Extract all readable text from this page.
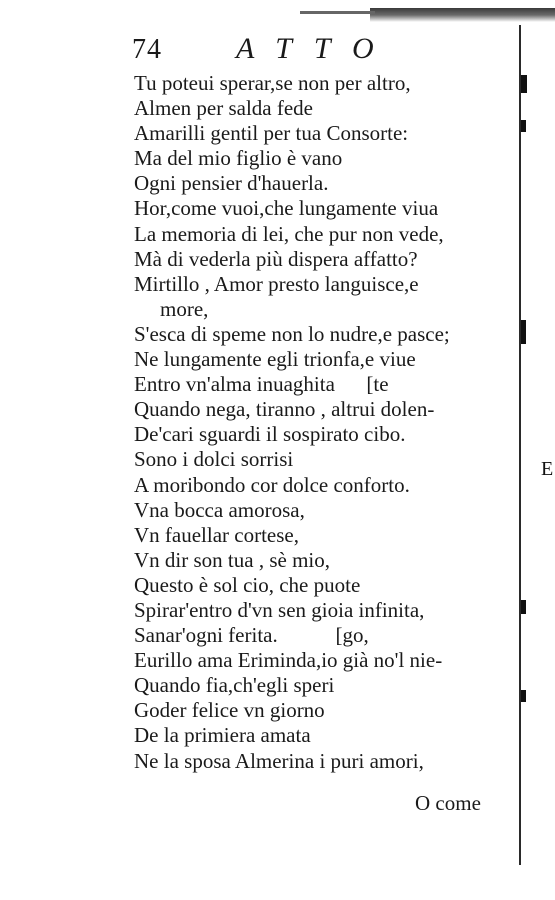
E
74 ATTO
Tu poteui sperar,se non per altro,
Almen per salda fede
Amarilli gentil per tua Consorte:
Ma del mio figlio è vano
Ogni pensier d'hauerla.
Hor,come vuoi,che lungamente viua
La memoria di lei, che pur non vede,
Mà di vederla più dispera affatto?
Mirtillo , Amor presto languisce,e
more,
S'esca di speme non lo nudre,e pasce;
Ne lungamente egli trionfa,e viue
Entro vn'alma inuaghita      [te
Quando nega, tiranno , altrui dolen-
De'cari sguardi il sospirato cibo.
Sono i dolci sorrisi
A moribondo cor dolce conforto.
Vna bocca amorosa,
Vn fauellar cortese,
Vn dir son tua , sè mio,
Questo è sol cio, che puote
Spirar'entro d'vn sen gioia infinita,
Sanar'ogni ferita.           [go,
Eurillo ama Eriminda,io già no'l nie-
Quando fia,ch'egli speri
Goder felice vn giorno
De la primiera amata
Ne la sposa Almerina i puri amori,
O come
